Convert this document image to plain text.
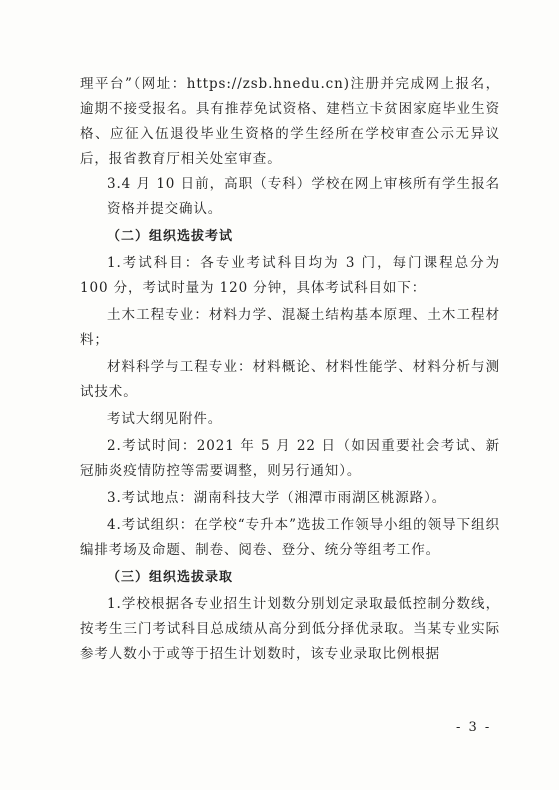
理平台”（网址：https://zsb.hnedu.cn)注册并完成网上报名，逾期不接受报名。具有推荐免试资格、建档立卡贫困家庭毕业生资格、应征入伍退役毕业生资格的学生经所在学校审查公示无异议后，报省教育厅相关处室审查。

3.4 月 10 日前，高职（专科）学校在网上审核所有学生报名资格并提交确认。

（二）组织选拔考试

1.考试科目：各专业考试科目均为 3 门，每门课程总分为 100 分，考试时量为 120 分钟，具体考试科目如下：

土木工程专业：材料力学、混凝土结构基本原理、土木工程材料；

材料科学与工程专业：材料概论、材料性能学、材料分析与测试技术。

考试大纲见附件。

2.考试时间：2021 年 5 月 22 日（如因重要社会考试、新冠肺炎疫情防控等需要调整，则另行通知）。

3.考试地点：湖南科技大学（湘潭市雨湖区桃源路）。

4.考试组织：在学校“专升本”选拔工作领导小组的领导下组织编排考场及命题、制卷、阅卷、登分、统分等组考工作。

（三）组织选拔录取

1.学校根据各专业招生计划数分别划定录取最低控制分数线，按考生三门考试科目总成绩从高分到低分择优录取。当某专业实际参考人数小于或等于招生计划数时，该专业录取比例根据

- 3 -
